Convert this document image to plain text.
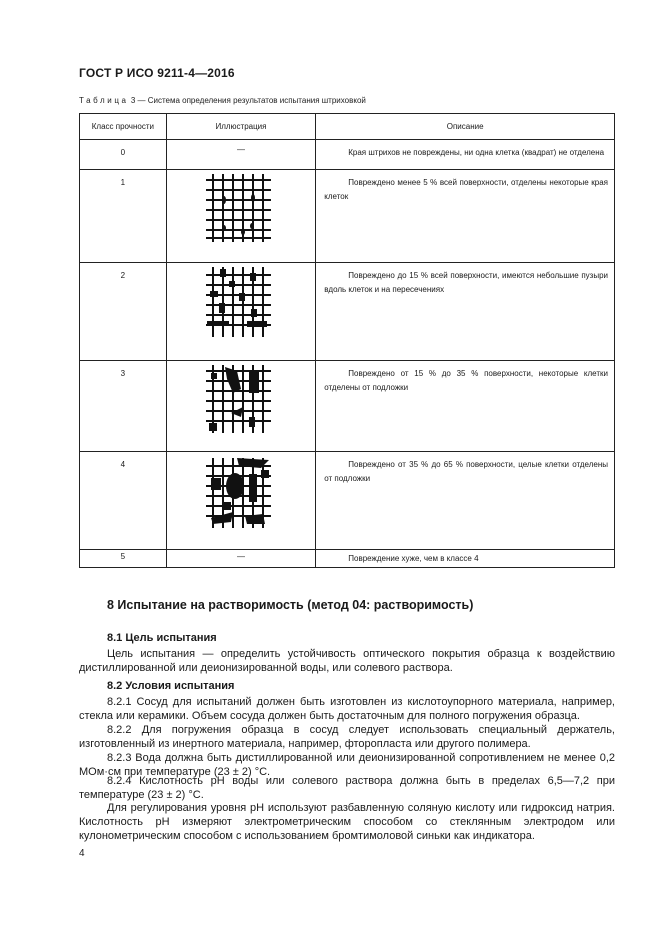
ГОСТ Р ИСО 9211-4—2016
Таблица 3 — Система определения результатов испытания штриховкой
Класс прочности	Иллюстрация	Описание

0	—	Края штрихов не повреждены, ни одна клетка (квадрат) не отделена

1		Повреждено менее 5 % всей поверхности, отделены некоторые края клеток

2		Повреждено до 15 % всей поверхности, имеются небольшие пузыри вдоль клеток и на пересечениях

3		Повреждено от 15 % до 35 % поверхности, некоторые клетки отделены от подложки

4		Повреждено от 35 % до 65 % поверхности, целые клетки отделены от подложки

5	—	Повреждение хуже, чем в классе 4
8 Испытание на растворимость (метод 04: растворимость)
8.1 Цель испытания
Цель испытания — определить устойчивость оптического покрытия образца к воздействию дистиллированной или деионизированной воды, или солевого раствора.
8.2 Условия испытания
8.2.1 Сосуд для испытаний должен быть изготовлен из кислотоупорного материала, например, стекла или керамики. Объем сосуда должен быть достаточным для полного погружения образца.
8.2.2 Для погружения образца в сосуд следует использовать специальный держатель, изготовленный из инертного материала, например, фторопласта или другого полимера.
8.2.3 Вода должна быть дистиллированной или деионизированной сопротивлением не менее 0,2 МОм·см при температуре (23 ± 2) °С.
8.2.4 Кислотность pH воды или солевого раствора должна быть в пределах 6,5—7,2 при температуре (23 ± 2) °С.
Для регулирования уровня pH используют разбавленную соляную кислоту или гидроксид натрия. Кислотность pH измеряют электрометрическим способом со стеклянным электродом или кулонометрическим способом с использованием бромтимоловой синьки как индикатора.
4
